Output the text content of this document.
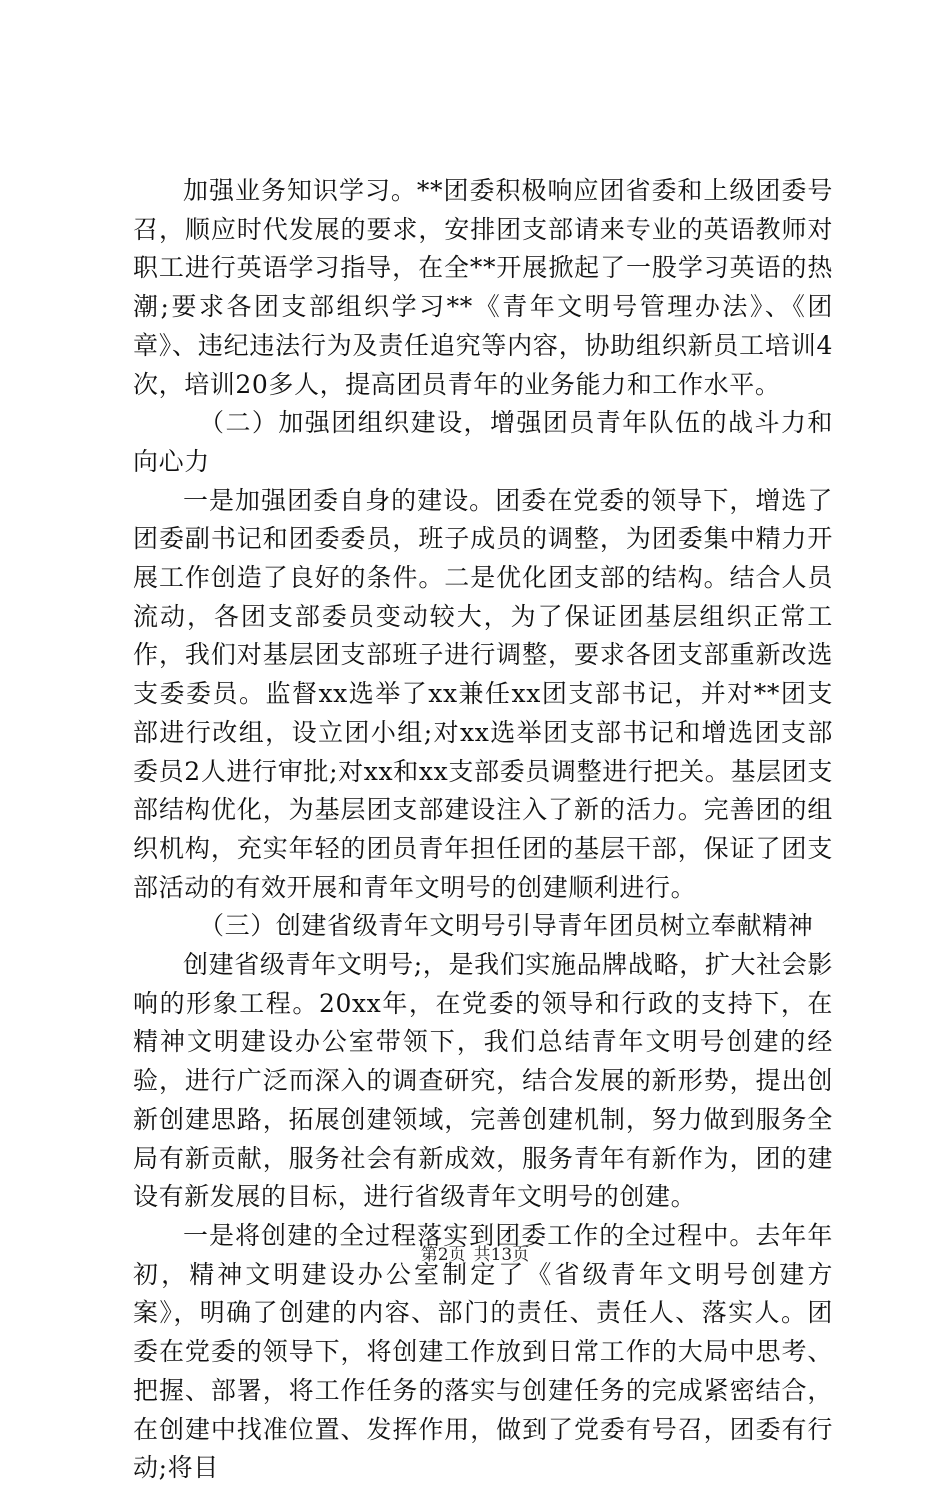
加强业务知识学习。**团委积极响应团省委和上级团委号召，顺应时代发展的要求，安排团支部请来专业的英语教师对职工进行英语学习指导，在全**开展掀起了一股学习英语的热潮;要求各团支部组织学习**《青年文明号管理办法》、《团章》、违纪违法行为及责任追究等内容，协助组织新员工培训4次，培训20多人，提高团员青年的业务能力和工作水平。

（二）加强团组织建设，增强团员青年队伍的战斗力和向心力

一是加强团委自身的建设。团委在党委的领导下，增选了团委副书记和团委委员，班子成员的调整，为团委集中精力开展工作创造了良好的条件。二是优化团支部的结构。结合人员流动，各团支部委员变动较大，为了保证团基层组织正常工作，我们对基层团支部班子进行调整，要求各团支部重新改选支委委员。监督xx选举了xx兼任xx团支部书记，并对**团支部进行改组，设立团小组;对xx选举团支部书记和增选团支部委员2人进行审批;对xx和xx支部委员调整进行把关。基层团支部结构优化，为基层团支部建设注入了新的活力。完善团的组织机构，充实年轻的团员青年担任团的基层干部，保证了团支部活动的有效开展和青年文明号的创建顺利进行。

（三）创建省级青年文明号引导青年团员树立奉献精神

创建省级青年文明号;，是我们实施品牌战略，扩大社会影响的形象工程。20xx年，在党委的领导和行政的支持下，在精神文明建设办公室带领下，我们总结青年文明号创建的经验，进行广泛而深入的调查研究，结合发展的新形势，提出创新创建思路，拓展创建领域，完善创建机制，努力做到服务全局有新贡献，服务社会有新成效，服务青年有新作为，团的建设有新发展的目标，进行省级青年文明号的创建。

一是将创建的全过程落实到团委工作的全过程中。去年年初，精神文明建设办公室制定了《省级青年文明号创建方案》，明确了创建的内容、部门的责任、责任人、落实人。团委在党委的领导下，将创建工作放到日常工作的大局中思考、把握、部署，将工作任务的落实与创建任务的完成紧密结合，在创建中找准位置、发挥作用，做到了党委有号召，团委有行动;将目

第2页 共13页
